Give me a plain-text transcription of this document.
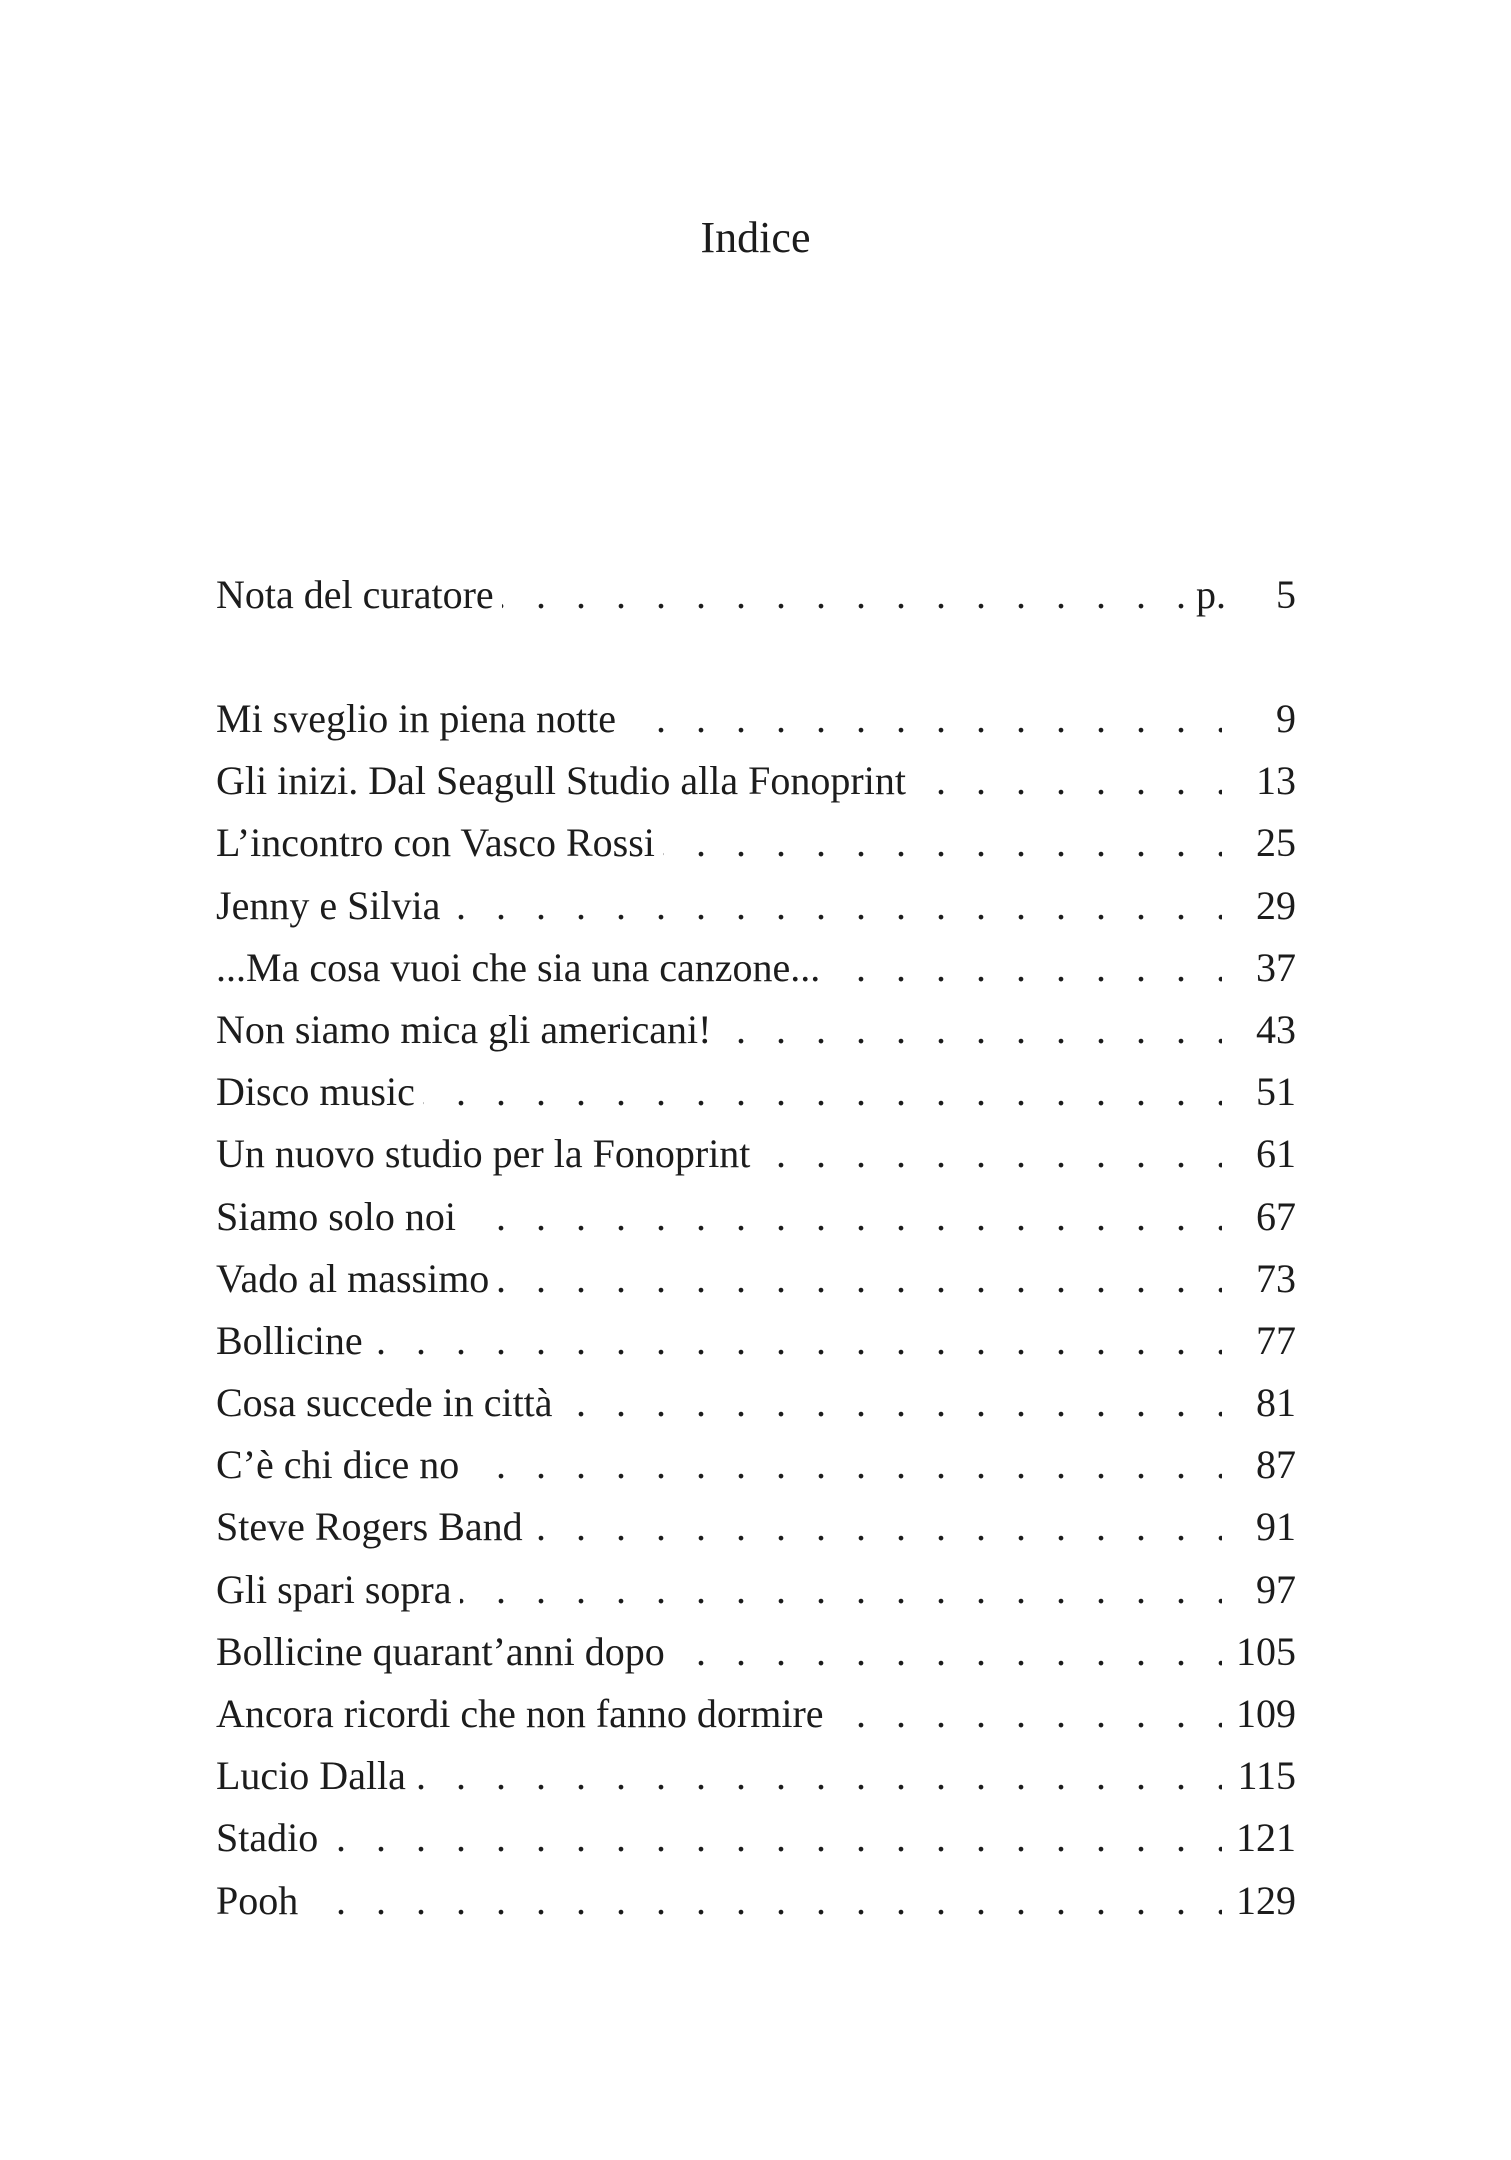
Indice
Nota del curatore . . .	p.	5
Mi sveglio in piena notte . . .	9
Gli inizi. Dal Seagull Studio alla Fonoprint . . .	13
L’incontro con Vasco Rossi . . .	25
Jenny e Silvia . . .	29
...Ma cosa vuoi che sia una canzone... . . .	37
Non siamo mica gli americani! . . .	43
Disco music . . .	51
Un nuovo studio per la Fonoprint . . .	61
Siamo solo noi . . .	67
Vado al massimo . . .	73
Bollicine . . .	77
Cosa succede in città . . .	81
C’è chi dice no . . .	87
Steve Rogers Band . . .	91
Gli spari sopra . . .	97
Bollicine quarant’anni dopo . . .	105
Ancora ricordi che non fanno dormire . . .	109
Lucio Dalla . . .	115
Stadio . . .	121
Pooh . . .	129
